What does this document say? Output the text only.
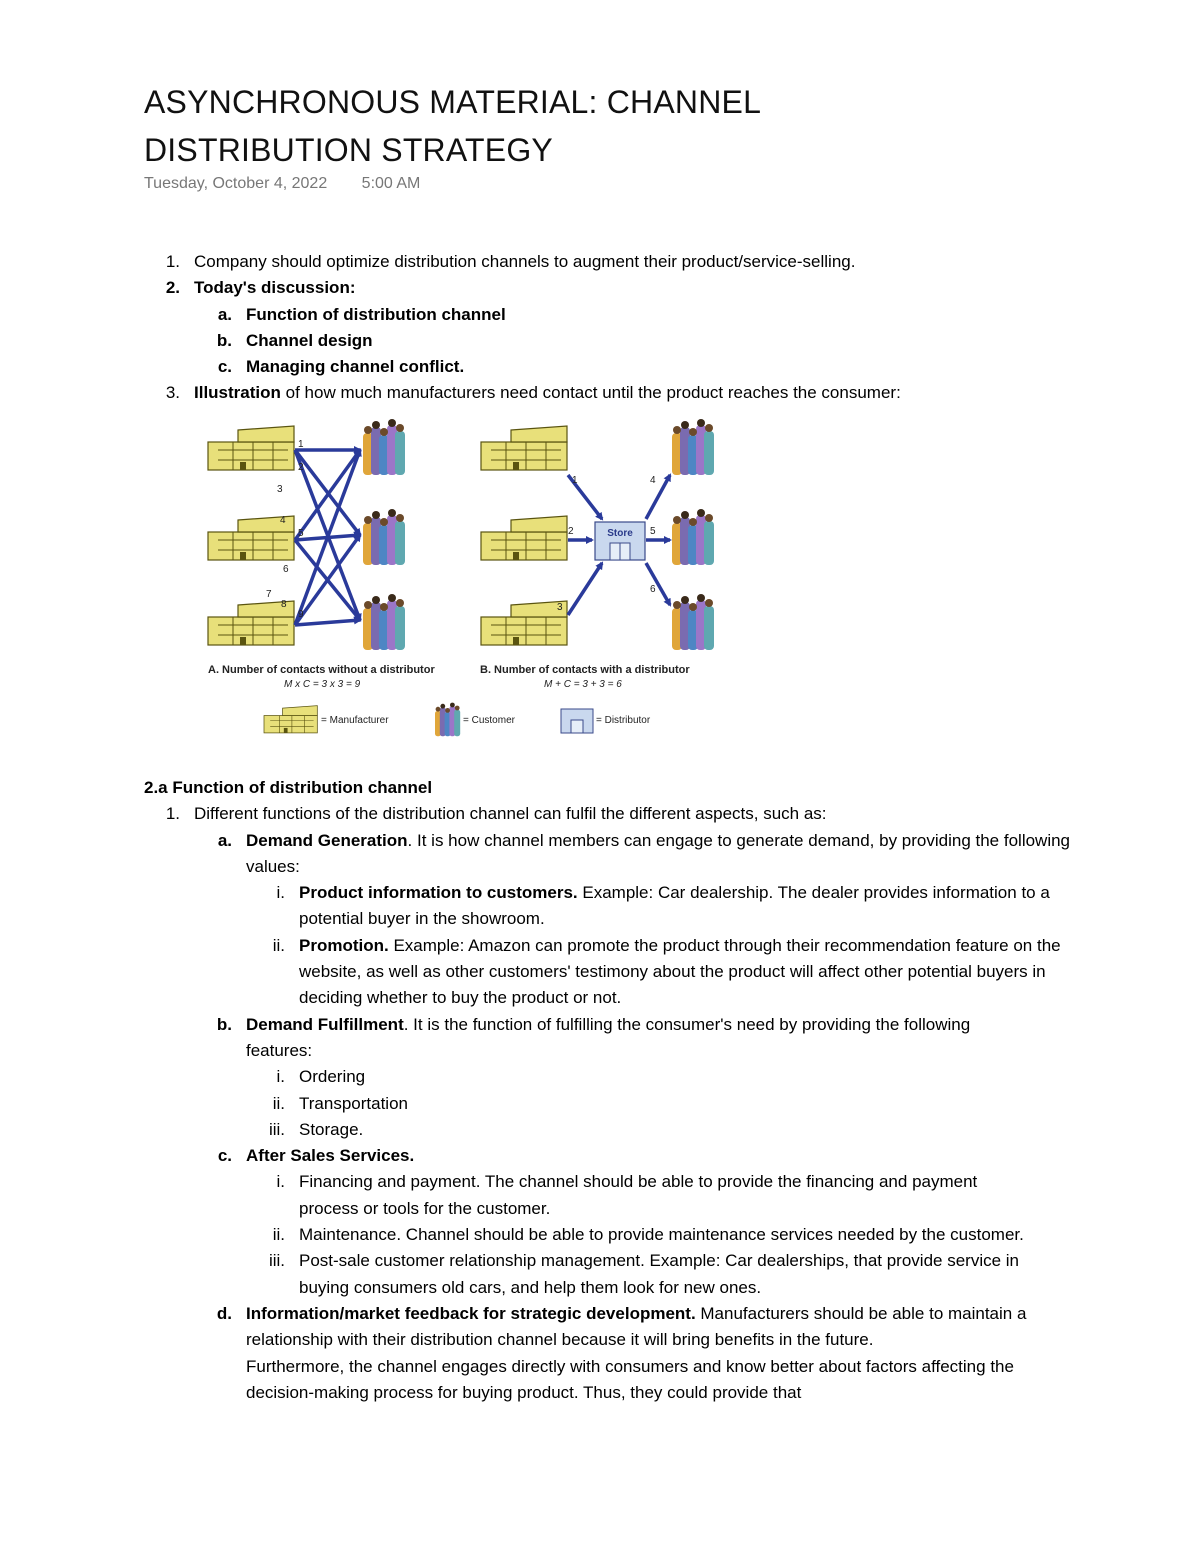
ASYNCHRONOUS MATERIAL: CHANNEL
DISTRIBUTION STRATEGY
Tuesday, October 4, 2022 5:00 AM
1. Company should optimize distribution channels to augment their product/service-selling.
2. Today's discussion:
a. Function of distribution channel
b. Channel design
c. Managing channel conflict.
3. Illustration of how much manufacturers need contact until the product reaches the consumer:
1
2
3
4
5
6
7
8
9
Store
1
2
3
4
5
6
A. Number of contacts without a distributor
M x C = 3 x 3 = 9
B. Number of contacts with a distributor
M + C = 3 + 3 = 6
= Manufacturer	= Customer	= Distributor
2.a Function of distribution channel
1. Different functions of the distribution channel can fulfil the different aspects, such as:
a. Demand Generation. It is how channel members can engage to generate demand, by providing the following values:
i. Product information to customers. Example: Car dealership. The dealer provides information to a potential buyer in the showroom.
ii. Promotion. Example: Amazon can promote the product through their recommendation feature on the website, as well as other customers' testimony about the product will affect other potential buyers in deciding whether to buy the product or not.
b. Demand Fulfillment. It is the function of fulfilling the consumer's need by providing the following features:
i. Ordering
ii. Transportation
iii. Storage.
c. After Sales Services.
i. Financing and payment. The channel should be able to provide the financing and payment process or tools for the customer.
ii. Maintenance. Channel should be able to provide maintenance services needed by the customer.
iii. Post-sale customer relationship management. Example: Car dealerships, that provide service in buying consumers old cars, and help them look for new ones.
d. Information/market feedback for strategic development. Manufacturers should be able to maintain a relationship with their distribution channel because it will bring benefits in the future.
Furthermore, the channel engages directly with consumers and know better about factors affecting the decision-making process for buying product. Thus, they could provide that
